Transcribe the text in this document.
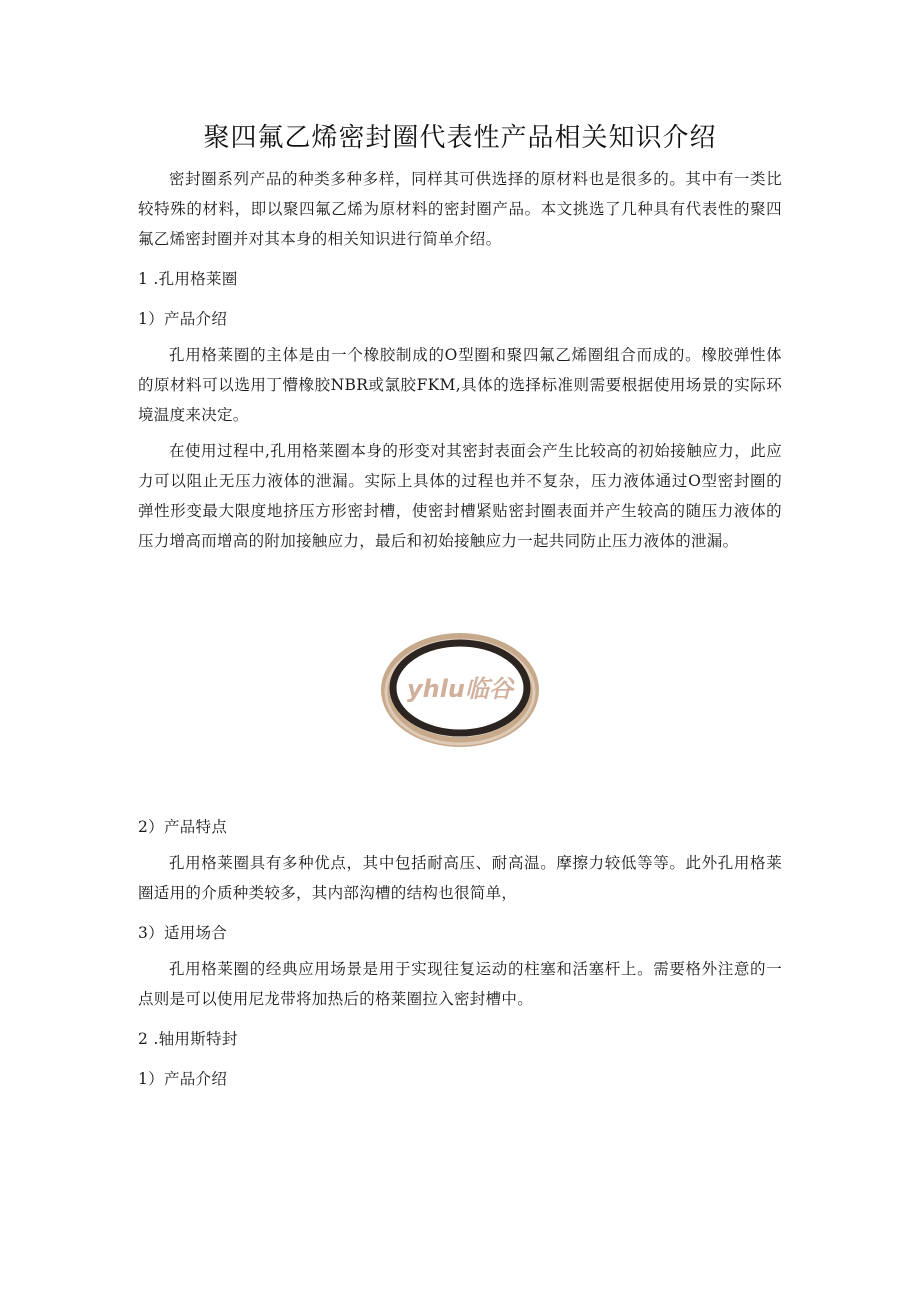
聚四氟乙烯密封圈代表性产品相关知识介绍

密封圈系列产品的种类多种多样，同样其可供选择的原材料也是很多的。其中有一类比较特殊的材料，即以聚四氟乙烯为原材料的密封圈产品。本文挑选了几种具有代表性的聚四氟乙烯密封圈并对其本身的相关知识进行简单介绍。

1 .孔用格莱圈
1）产品介绍

孔用格莱圈的主体是由一个橡胶制成的O型圈和聚四氟乙烯圈组合而成的。橡胶弹性体的原材料可以选用丁懵橡胶NBR或氯胶FKM,具体的选择标准则需要根据使用场景的实际环境温度来决定。

在使用过程中,孔用格莱圈本身的形变对其密封表面会产生比较高的初始接触应力，此应力可以阻止无压力液体的泄漏。实际上具体的过程也并不复杂，压力液体通过O型密封圈的弹性形变最大限度地挤压方形密封槽，使密封槽紧贴密封圈表面并产生较高的随压力液体的压力增高而增高的附加接触应力，最后和初始接触应力一起共同防止压力液体的泄漏。

yhlu临谷
2）产品特点

孔用格莱圈具有多种优点，其中包括耐高压、耐高温。摩擦力较低等等。此外孔用格莱圈适用的介质种类较多，其内部沟槽的结构也很简单，

3）适用场合

孔用格莱圈的经典应用场景是用于实现往复运动的柱塞和活塞杆上。需要格外注意的一点则是可以使用尼龙带将加热后的格莱圈拉入密封槽中。

2 .轴用斯特封
1）产品介绍
